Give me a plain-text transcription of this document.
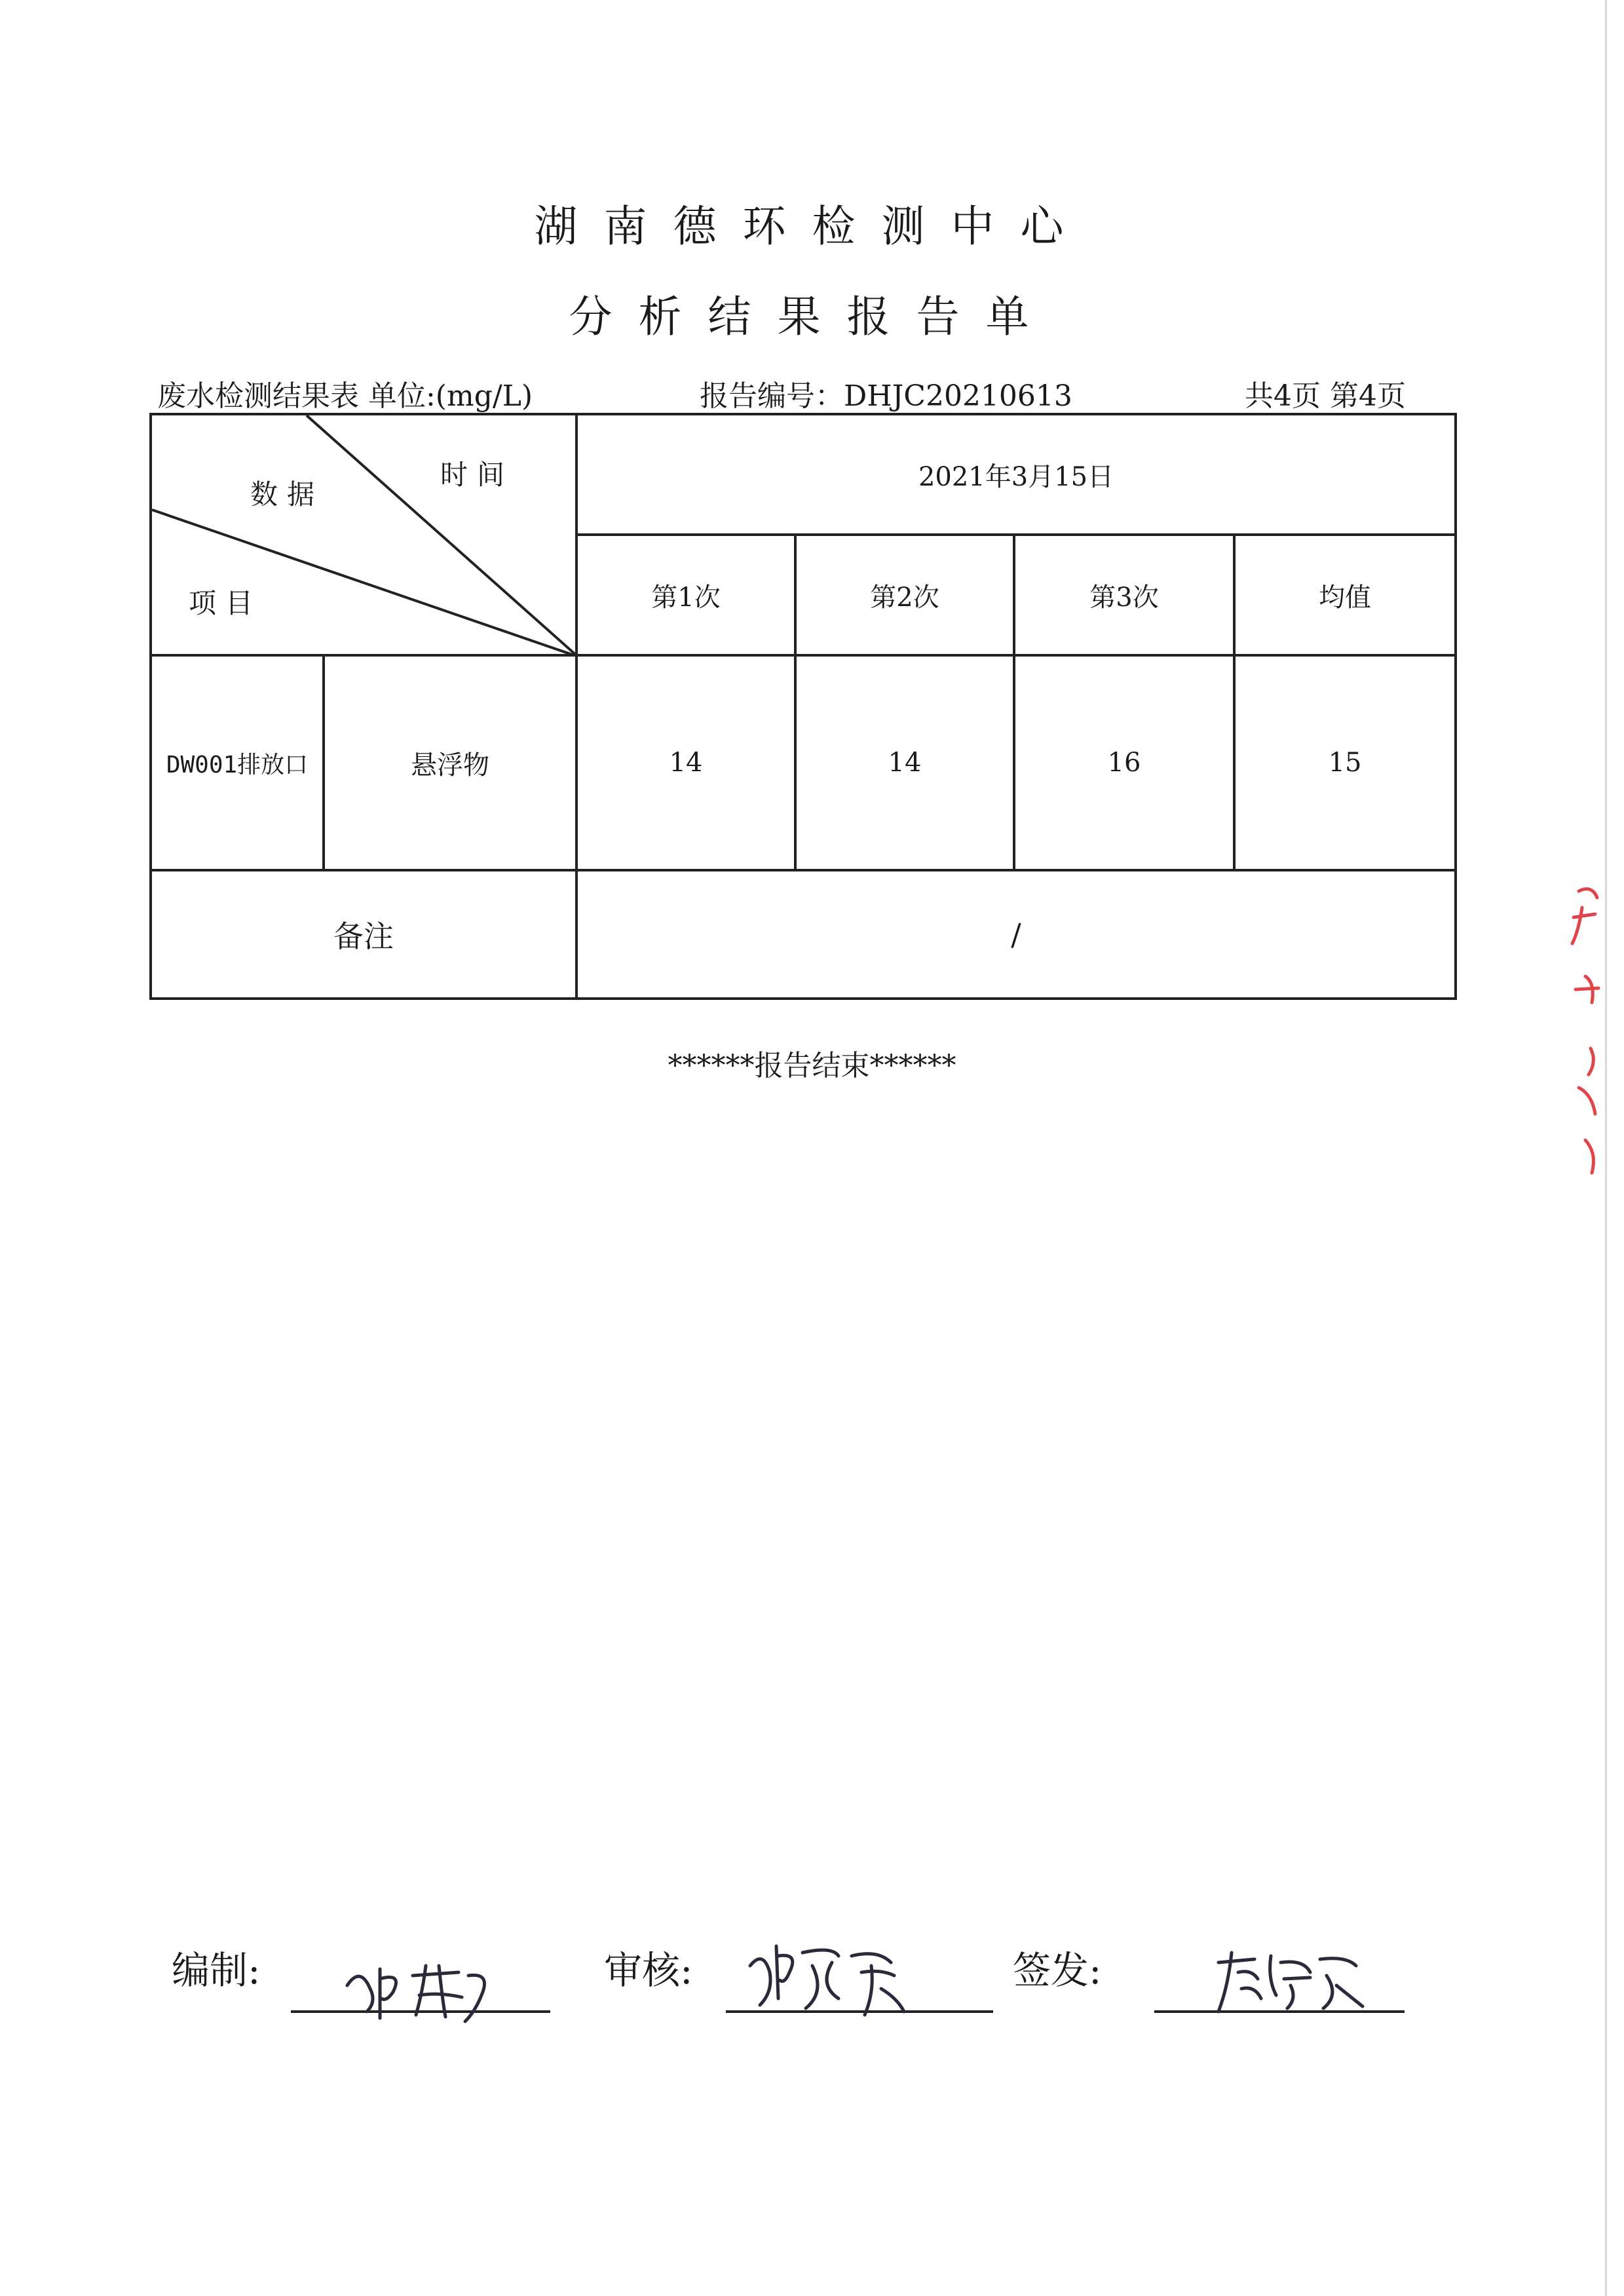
湖南德环检测中心
分析结果报告单
废水检测结果表 单位:(mg/L)	报告编号：DHJC20210613	共4页 第4页
时间
数据
项目		2021年3月15日			
		第1次	第2次	第3次	均值
DW001排放口	悬浮物	14	14	16	15
备注		/			
******报告结束******
编制:	审核:	签发:
